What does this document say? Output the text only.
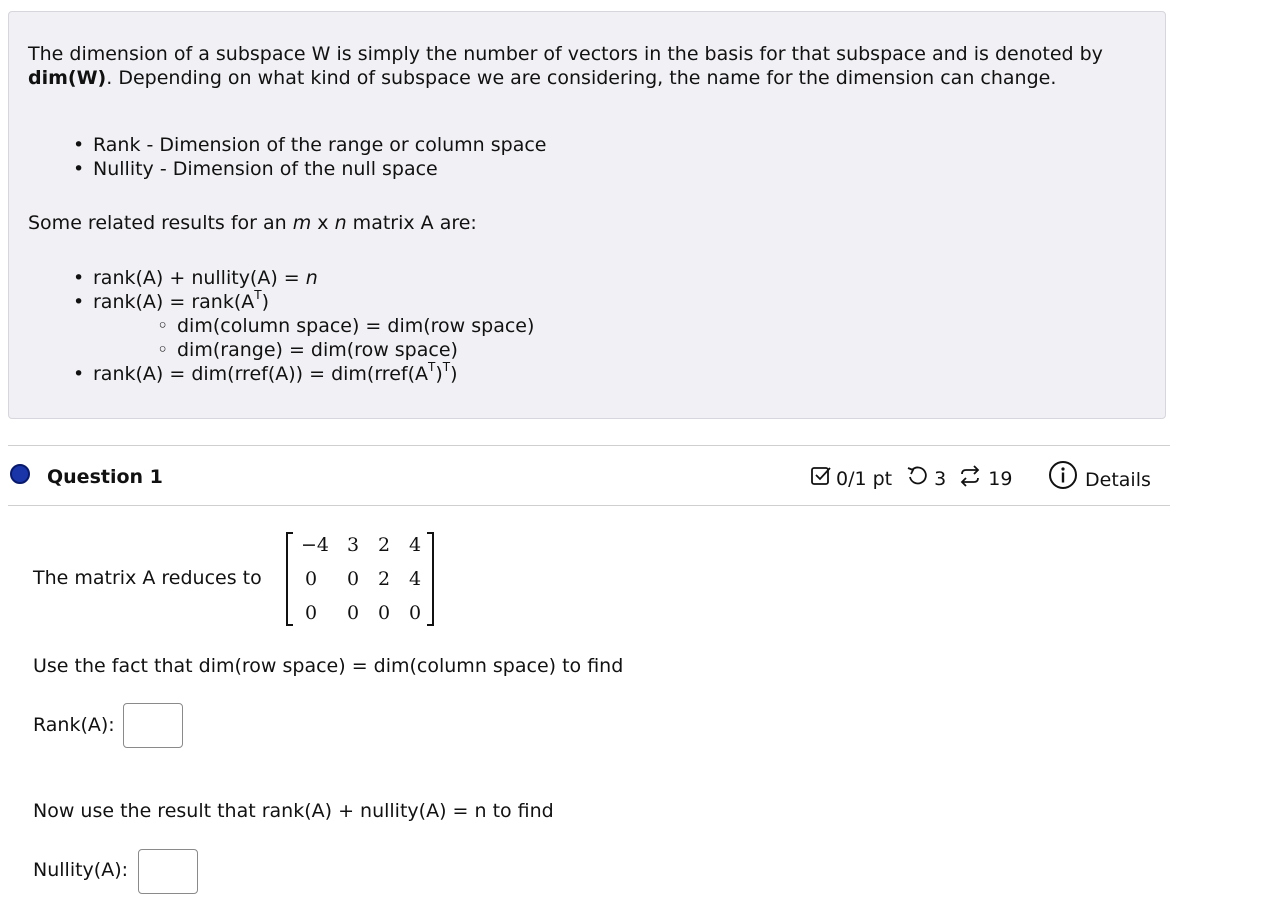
The dimension of a subspace W is simply the number of vectors in the basis for that subspace and is denoted by dim(W). Depending on what kind of subspace we are considering, the name for the dimension can change.

• Rank - Dimension of the range or column space
• Nullity - Dimension of the null space

Some related results for an m x n matrix A are:

• rank(A) + nullity(A) = n
• rank(A) = $rank(A^T)$
◦ dim(column space) = dim(row space)
◦ dim(range) = dim(row space)
• rank(A) = dim(rref(A)) = $dim(rref(A^T)^T)$
Question 1	0/1 pt 3 19	Details
The matrix A reduces to
−4 3 2 4
0	0 2 4
0	0 0 0
Use the fact that dim(row space) = dim(column space) to find
Rank(A):
Now use the result that rank(A) + nullity(A) = n to find
Nullity(A):
